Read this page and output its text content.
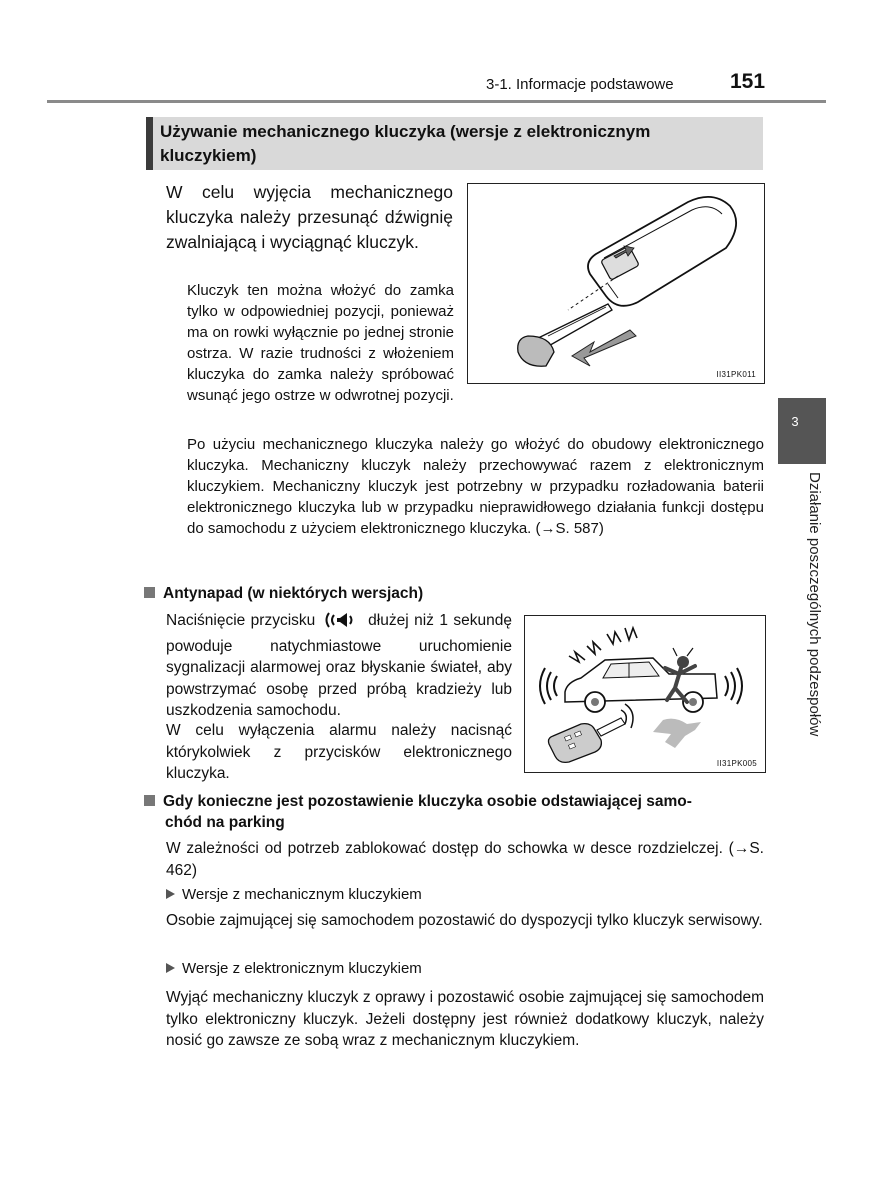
3-1. Informacje podstawowe	151
3
Działanie poszczególnych podzespołów
Używanie mechanicznego kluczyka (wersje z elektronicznym
kluczykiem)
W celu wyjęcia mechanicznego kluczyka należy przesunąć dźwignię zwalniającą i wyciągnąć kluczyk.
Kluczyk ten można włożyć do zamka tylko w odpowiedniej pozycji, ponieważ ma on rowki wyłącznie po jednej stronie ostrza. W razie trudności z włożeniem kluczyka do zamka należy spróbować wsunąć jego ostrze w odwrotnej pozycji.
Po użyciu mechanicznego kluczyka należy go włożyć do obudowy elektronicznego kluczyka. Mechaniczny kluczyk należy przechowywać razem z elektronicznym kluczykiem. Mechaniczny kluczyk jest potrzebny w przypadku rozładowania baterii elektronicznego kluczyka lub w przypadku nieprawidłowego działania funkcji dostępu do samochodu z użyciem elektronicznego kluczyka. (→S. 587)
II31PK011
Antynapad (w niektórych wersjach)
Naciśnięcie przycisku	dłużej niż 1 sekundę powoduje natychmiastowe uruchomienie sygnalizacji alarmowej oraz błyskanie świateł, aby powstrzymać osobę przed próbą kradzieży lub uszkodzenia samochodu.
W celu wyłączenia alarmu należy nacisnąć którykolwiek z przycisków elektronicznego kluczyka.
II31PK005
Gdy konieczne jest pozostawienie kluczyka osobie odstawiającej samo-
chód na parking
W zależności od potrzeb zablokować dostęp do schowka w desce rozdzielczej. (→S. 462)
Wersje z mechanicznym kluczykiem
Osobie zajmującej się samochodem pozostawić do dyspozycji tylko kluczyk serwisowy.
Wersje z elektronicznym kluczykiem
Wyjąć mechaniczny kluczyk z oprawy i pozostawić osobie zajmującej się samochodem tylko elektroniczny kluczyk. Jeżeli dostępny jest również dodatkowy kluczyk, należy nosić go zawsze ze sobą wraz z mechanicznym kluczykiem.
